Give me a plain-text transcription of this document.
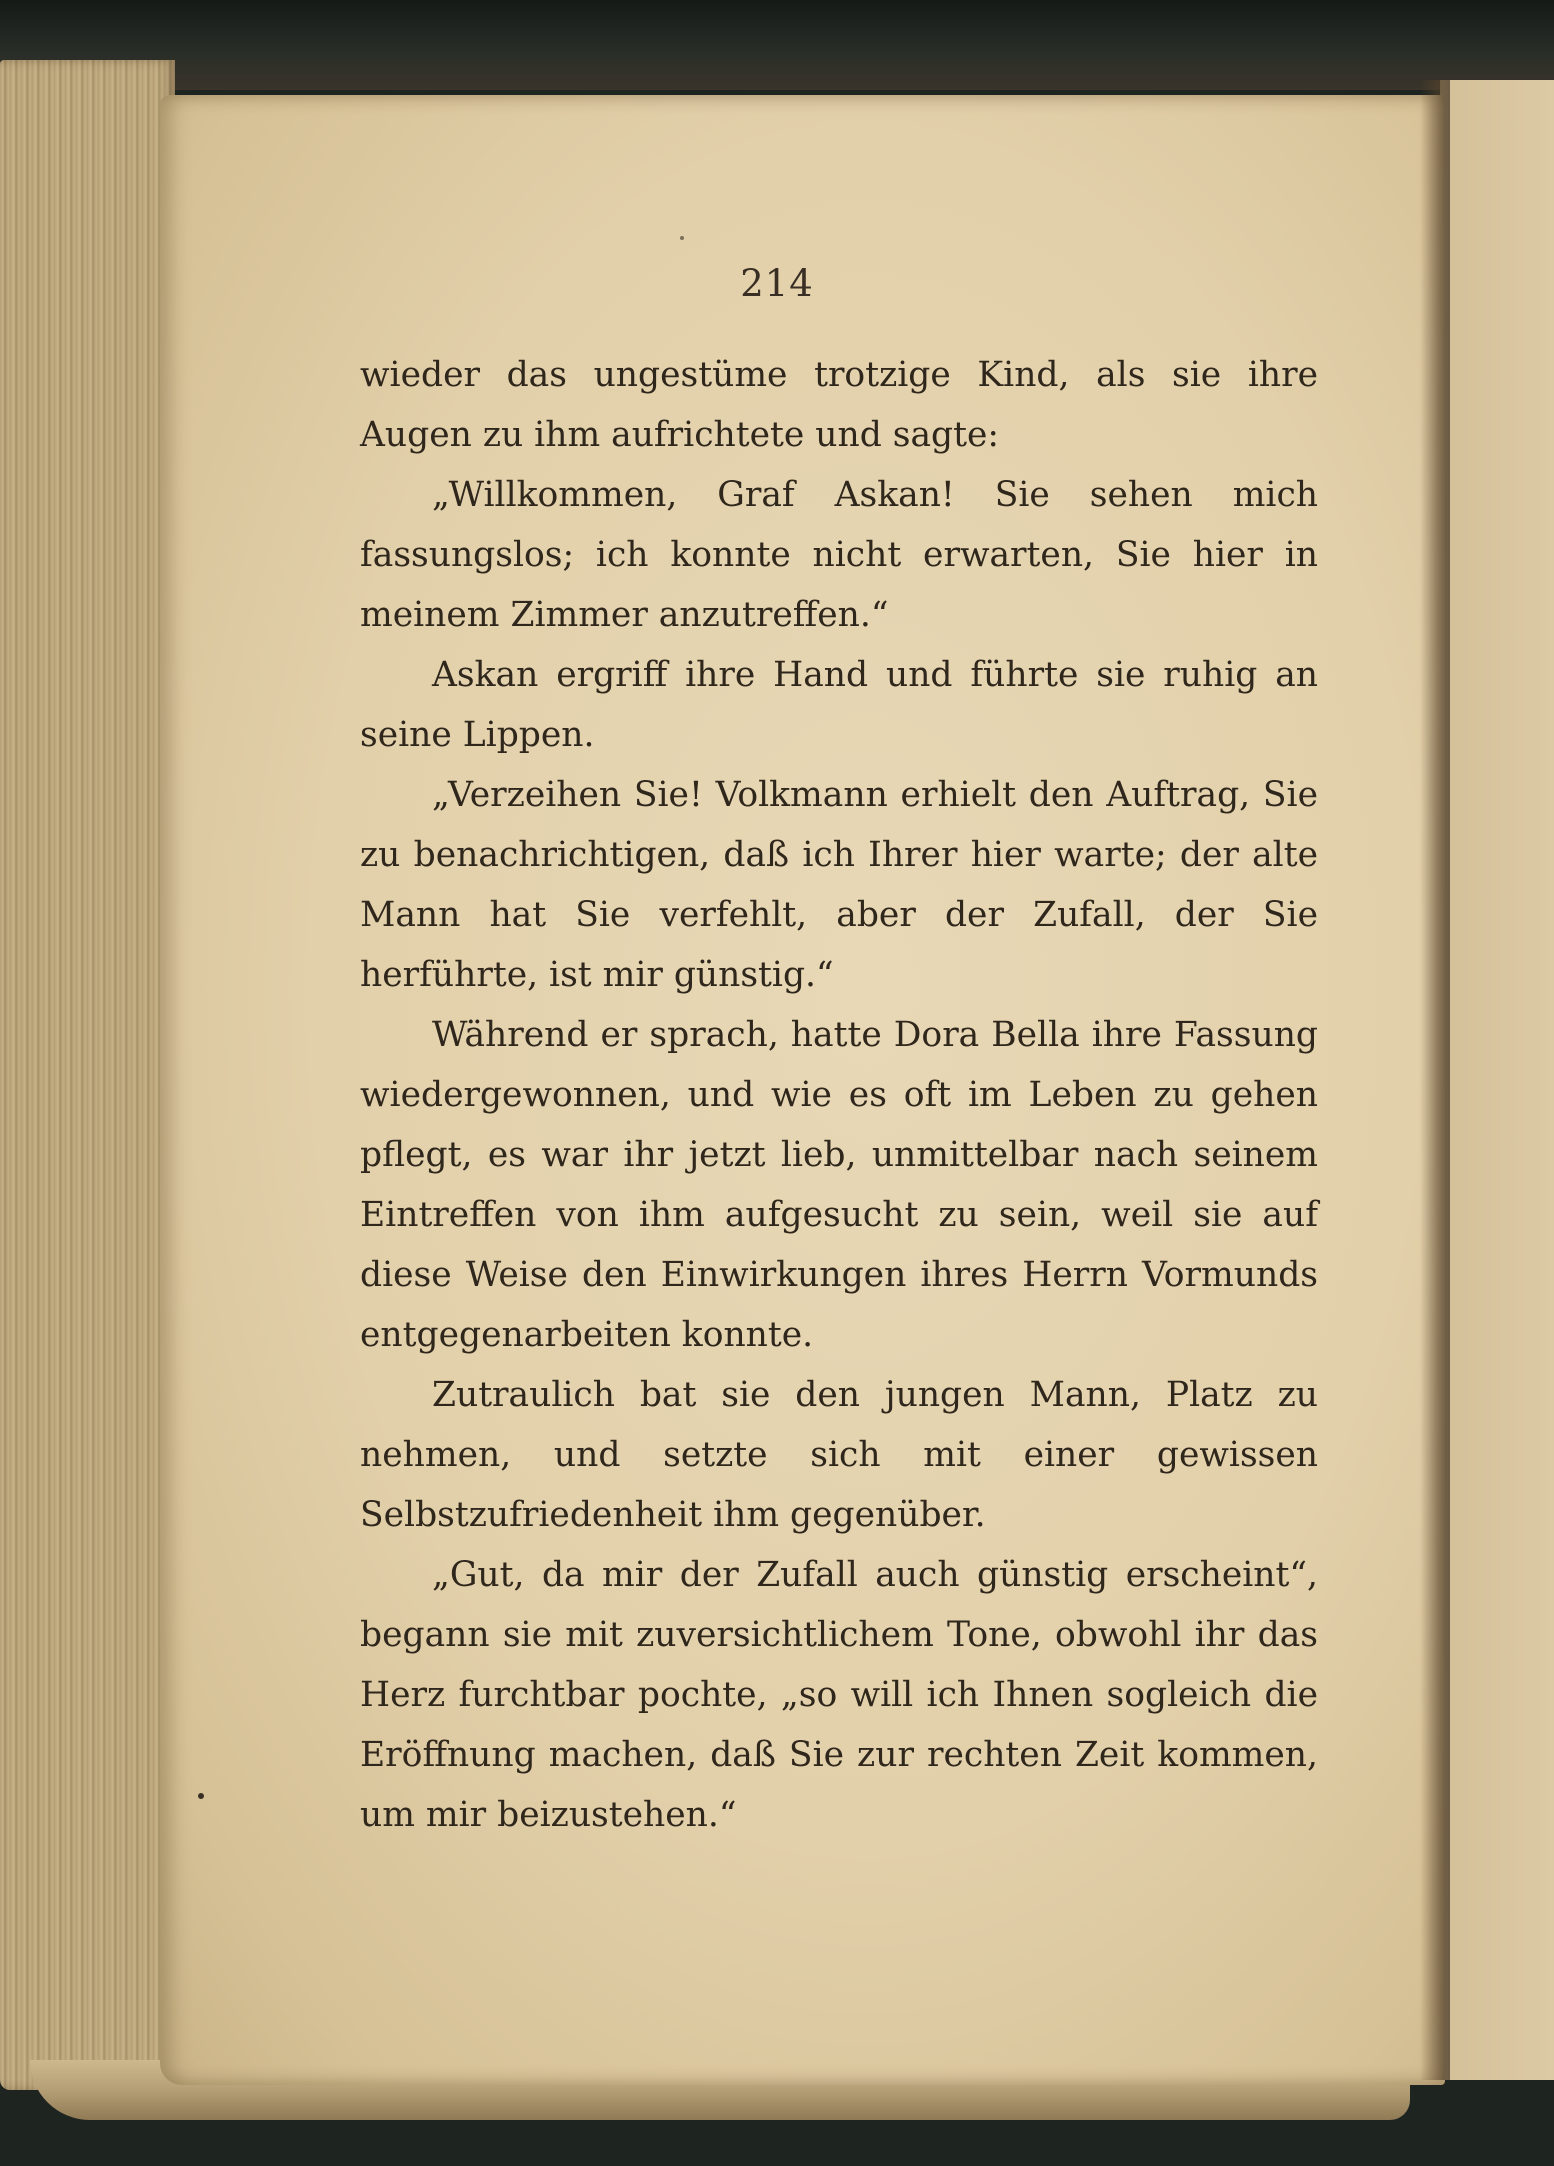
214

wieder das ungestüme trotzige Kind, als sie ihre Augen zu ihm aufrichtete und sagte:

„Willkommen, Graf Askan! Sie sehen mich fassungslos; ich konnte nicht erwarten, Sie hier in meinem Zimmer anzutreffen.“

Askan ergriff ihre Hand und führte sie ruhig an seine Lippen.

„Verzeihen Sie! Volkmann erhielt den Auftrag, Sie zu benachrichtigen, daß ich Ihrer hier warte; der alte Mann hat Sie verfehlt, aber der Zufall, der Sie herführte, ist mir günstig.“

Während er sprach, hatte Dora Bella ihre Fassung wiedergewonnen, und wie es oft im Leben zu gehen pflegt, es war ihr jetzt lieb, unmittelbar nach seinem Eintreffen von ihm aufgesucht zu sein, weil sie auf diese Weise den Einwirkungen ihres Herrn Vormunds entgegenarbeiten konnte.

Zutraulich bat sie den jungen Mann, Platz zu nehmen, und setzte sich mit einer gewissen Selbstzufriedenheit ihm gegenüber.

„Gut, da mir der Zufall auch günstig erscheint“, begann sie mit zuversichtlichem Tone, obwohl ihr das Herz furchtbar pochte, „so will ich Ihnen sogleich die Eröffnung machen, daß Sie zur rechten Zeit kommen, um mir beizustehen.“
